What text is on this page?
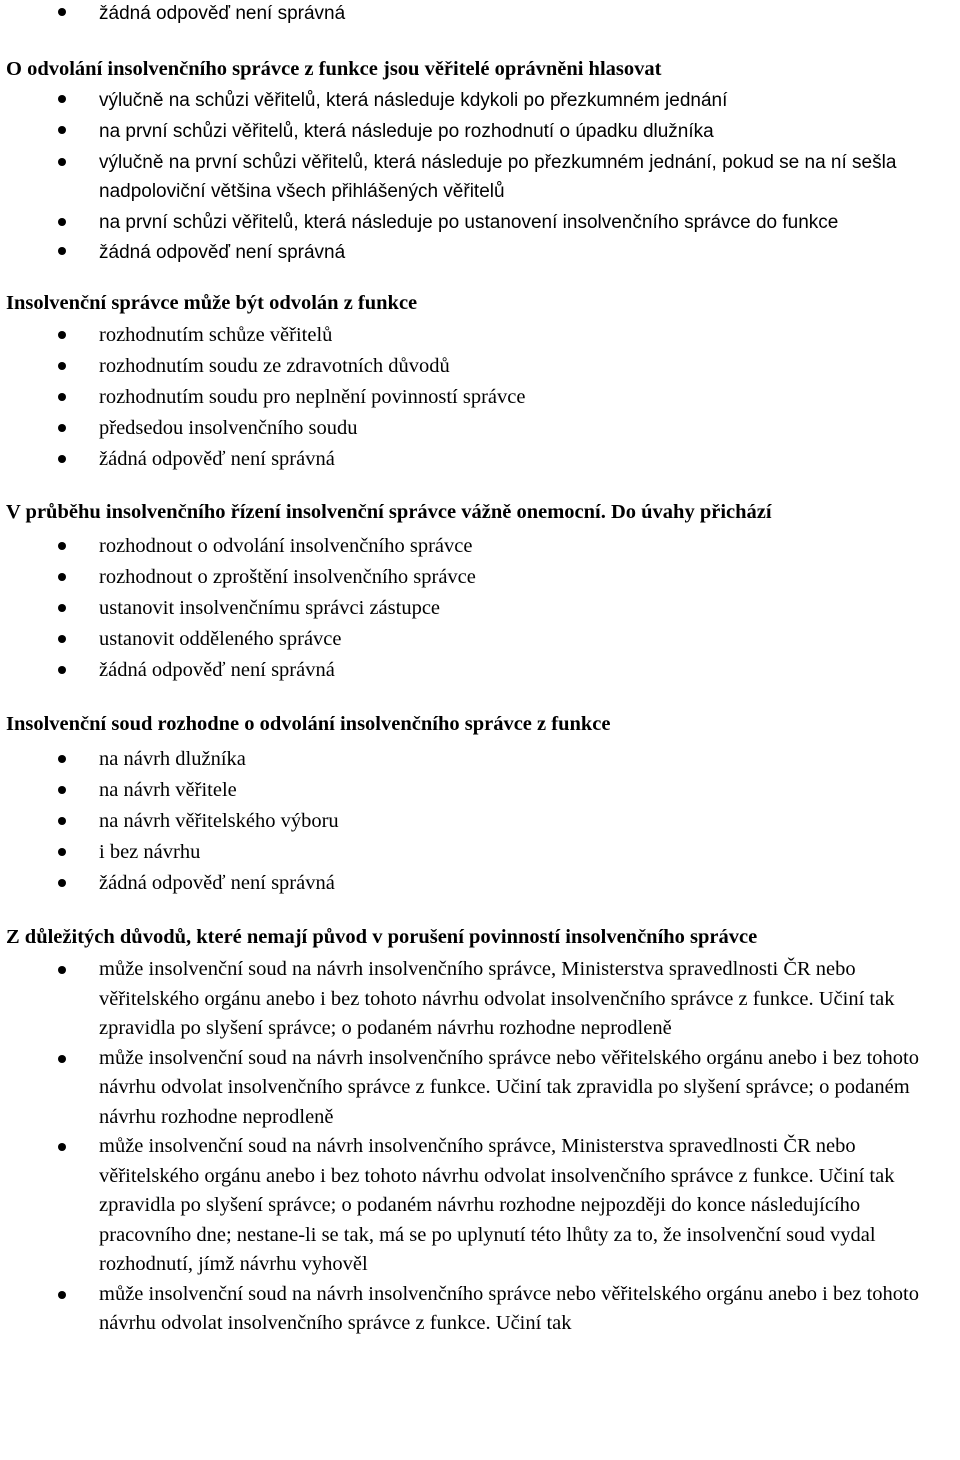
žádná odpověď není správná
O odvolání insolvenčního správce z funkce jsou věřitelé oprávněni hlasovat
výlučně na schůzi věřitelů, která následuje kdykoli po přezkumném jednání
na první schůzi věřitelů, která následuje po rozhodnutí o úpadku dlužníka
výlučně na první schůzi věřitelů, která následuje po přezkumném jednání, pokud se na ní sešla nadpoloviční většina všech přihlášených věřitelů
na první schůzi věřitelů, která následuje po ustanovení insolvenčního správce do funkce
žádná odpověď není správná
Insolvenční správce může být odvolán z funkce
rozhodnutím schůze věřitelů
rozhodnutím soudu ze zdravotních důvodů
rozhodnutím soudu pro neplnění povinností správce
předsedou insolvenčního soudu
žádná odpověď není správná
V průběhu insolvenčního řízení insolvenční správce vážně onemocní. Do úvahy přichází
rozhodnout o odvolání insolvenčního správce
rozhodnout o zproštění insolvenčního správce
ustanovit insolvenčnímu správci zástupce
ustanovit odděleného správce
žádná odpověď není správná
Insolvenční soud rozhodne o odvolání insolvenčního správce z funkce
na návrh dlužníka
na návrh věřitele
na návrh věřitelského výboru
i bez návrhu
žádná odpověď není správná
Z důležitých důvodů, které nemají původ v porušení povinností insolvenčního správce
může insolvenční soud na návrh insolvenčního správce, Ministerstva spravedlnosti ČR nebo věřitelského orgánu anebo i bez tohoto návrhu odvolat insolvenčního správce z funkce. Učiní tak zpravidla po slyšení správce; o podaném návrhu rozhodne neprodleně
může insolvenční soud na návrh insolvenčního správce nebo věřitelského orgánu anebo i bez tohoto návrhu odvolat insolvenčního správce z funkce. Učiní tak zpravidla po slyšení správce; o podaném návrhu rozhodne neprodleně
může insolvenční soud na návrh insolvenčního správce, Ministerstva spravedlnosti ČR nebo věřitelského orgánu anebo i bez tohoto návrhu odvolat insolvenčního správce z funkce. Učiní tak zpravidla po slyšení správce; o podaném návrhu rozhodne nejpozději do konce následujícího pracovního dne; nestane-li se tak, má se po uplynutí této lhůty za to, že insolvenční soud vydal rozhodnutí, jímž návrhu vyhověl
může insolvenční soud na návrh insolvenčního správce nebo věřitelského orgánu anebo i bez tohoto návrhu odvolat insolvenčního správce z funkce. Učiní tak
